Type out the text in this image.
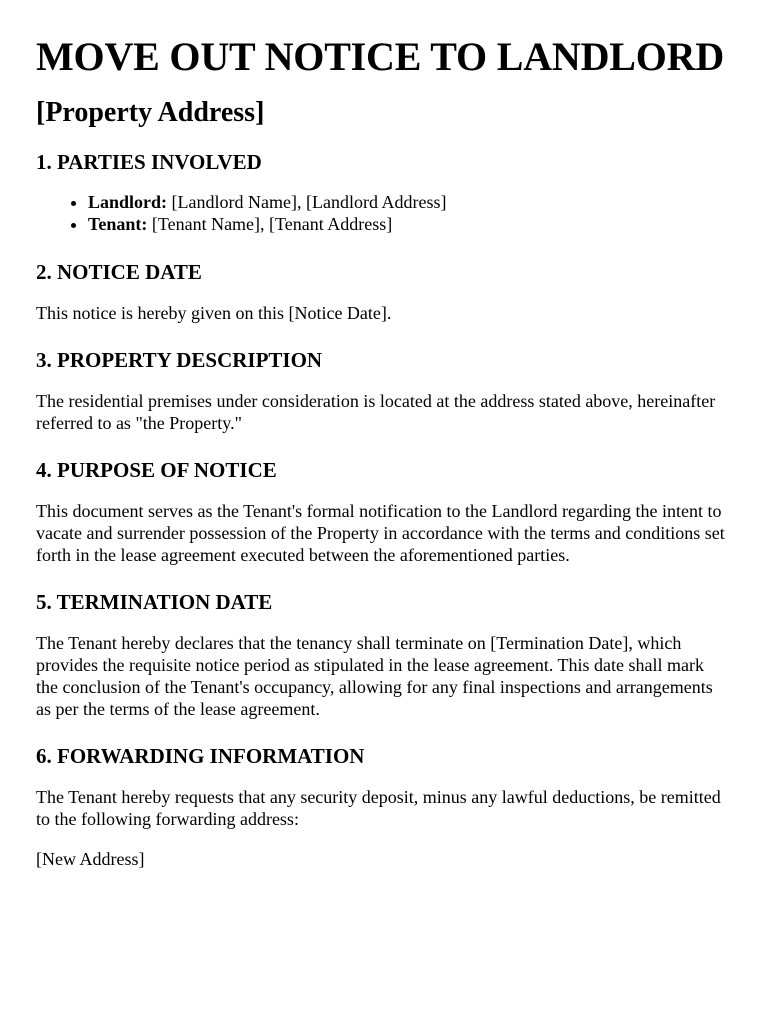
MOVE OUT NOTICE TO LANDLORD
[Property Address]
1. PARTIES INVOLVED
• Landlord: [Landlord Name], [Landlord Address]
• Tenant: [Tenant Name], [Tenant Address]
2. NOTICE DATE

This notice is hereby given on this [Notice Date].

3. PROPERTY DESCRIPTION

The residential premises under consideration is located at the address stated above, hereinafter referred to as "the Property."

4. PURPOSE OF NOTICE

This document serves as the Tenant's formal notification to the Landlord regarding the intent to vacate and surrender possession of the Property in accordance with the terms and conditions set forth in the lease agreement executed between the aforementioned parties.

5. TERMINATION DATE

The Tenant hereby declares that the tenancy shall terminate on [Termination Date], which provides the requisite notice period as stipulated in the lease agreement. This date shall mark the conclusion of the Tenant's occupancy, allowing for any final inspections and arrangements as per the terms of the lease agreement.

6. FORWARDING INFORMATION

The Tenant hereby requests that any security deposit, minus any lawful deductions, be remitted to the following forwarding address:

[New Address]
